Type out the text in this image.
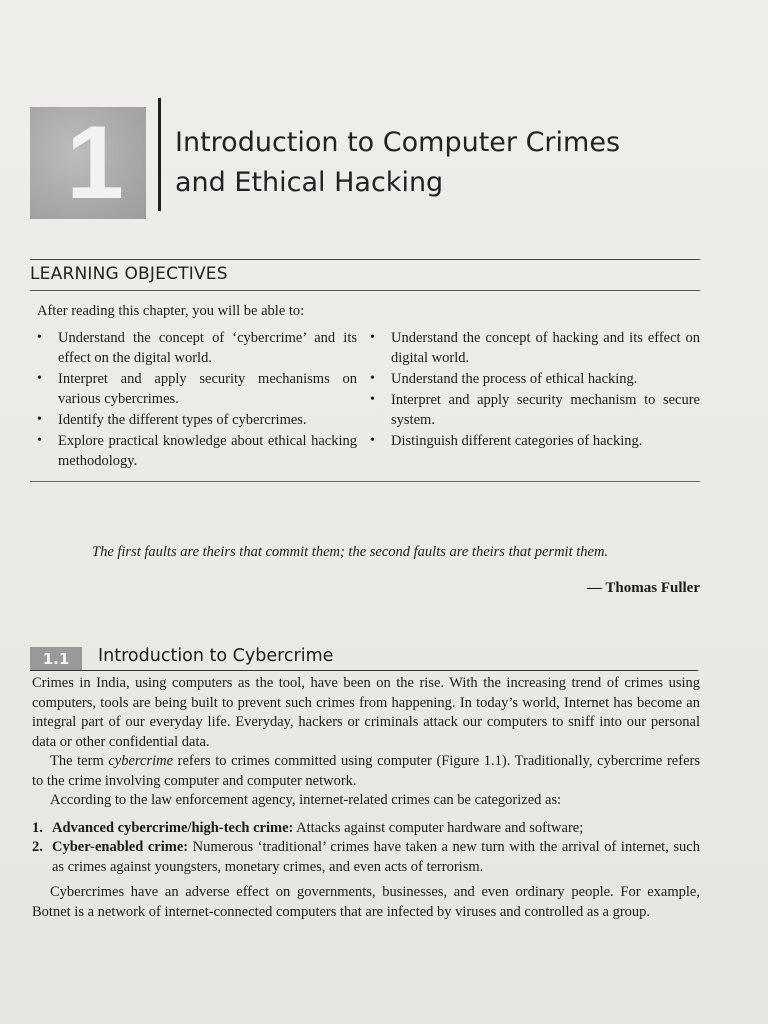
1 Introduction to Computer Crimes
and Ethical Hacking
LEARNING OBJECTIVES
After reading this chapter, you will be able to:
• Understand the concept of ‘cybercrime’ and its effect on the digital world.
• Interpret and apply security mechanisms on various cybercrimes.
• Identify the different types of cybercrimes.
• Explore practical knowledge about ethical hacking methodology.
• Understand the concept of hacking and its effect on digital world.
• Understand the process of ethical hacking.
• Interpret and apply security mechanism to secure system.
• Distinguish different categories of hacking.
The first faults are theirs that commit them; the second faults are theirs that permit them.
— Thomas Fuller
1.1	Introduction to Cybercrime

Crimes in India, using computers as the tool, have been on the rise. With the increasing trend of crimes using computers, tools are being built to prevent such crimes from happening. In today’s world, Internet has become an integral part of our everyday life. Everyday, hackers or criminals attack our computers to sniff into our personal data or other confidential data.

The term cybercrime refers to crimes committed using computer (Figure 1.1). Traditionally, cybercrime refers to the crime involving computer and computer network.

According to the law enforcement agency, internet-related crimes can be categorized as:

1. Advanced cybercrime/high-tech crime: Attacks against computer hardware and software;
2. Cyber-enabled crime: Numerous ‘traditional’ crimes have taken a new turn with the arrival of internet, such as crimes against youngsters, monetary crimes, and even acts of terrorism.

Cybercrimes have an adverse effect on governments, businesses, and even ordinary people. For example, Botnet is a network of internet-connected computers that are infected by viruses and controlled as a group.
